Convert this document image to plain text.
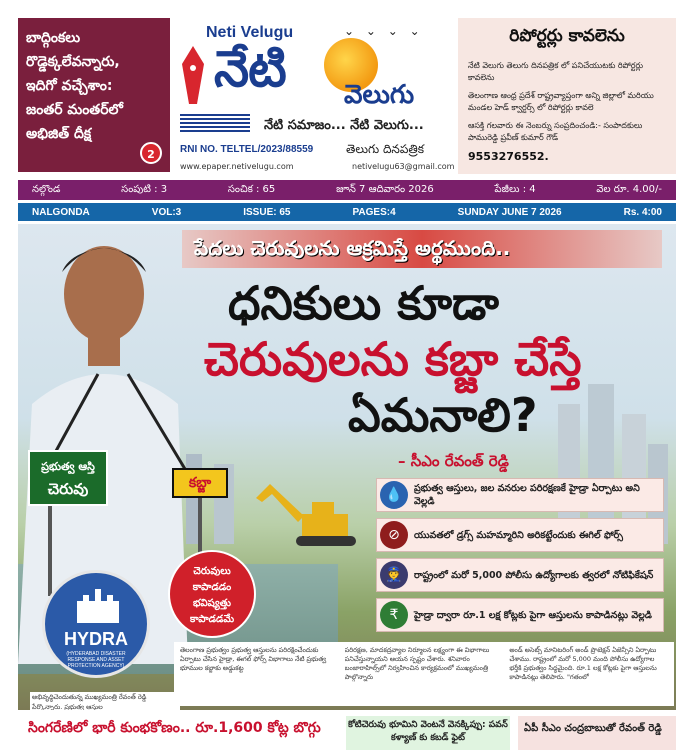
బాద్గింకలు
రొడ్డెక్కలేవన్నారు,
ఇదిగో వచ్చేశాం:
జంతర్ మంతర్‌లో
అభిజిత్ దీక్ష
2
⌄ ⌄ ⌄ ⌄
Neti Velugu
నేటి వెలుగు
నేటి సమాజం... నేటి వెలుగు...
RNI NO. TELTEL/2023/88559	తెలుగు దినపత్రిక
www.epaper.netivelugu.com	netivelugu63@gmail.com
రిపోర్టర్లు కావలెను
నేటి వెలుగు తెలుగు దినపత్రిక లో పనిచేయుటకు రిపోర్టర్లు కావలెను
తెలంగాణ ఆంధ్ర ప్రదేశ్ రాష్ట్రవ్యాప్తంగా అన్ని జిల్లాలో మరియు మండల హెడ్ క్వార్టర్స్ లో రిపోర్టర్లు కావలె
ఆసక్తి గలవారు ఈ నెంబర్ను సంప్రదించండి:- సంపాదకులు పామురెడ్డి ప్రవీణ్ కుమార్ గౌడ్
9553276552.
నల్గొండ	సంపుటి : 3	సంచిక : 65	జూన్ 7 ఆదివారం 2026	పేజీలు : 4	వెల రూ. 4.00/-
NALGONDA	VOL:3	ISSUE: 65	PAGES:4	SUNDAY JUNE 7 2026	Rs. 4:00
పేదలు చెరువులను ఆక్రమిస్తే అర్థముంది..
ధనికులు కూడా
చెరువులను కబ్జా చేస్తే
ఏమనాలి?
– సీఎం రేవంత్ రెడ్డి
ప్రభుత్వ ఆస్తి
చెరువు	కబ్జా
చెరువులు
కాపాడడం
భవిష్యత్తు
కాపాడడమే
HYDRA
(HYDERABAD DISASTER RESPONSE AND ASSET PROTECTION AGENCY)
💧	ప్రభుత్వ ఆస్తులు, జల వనరుల పరిరక్షణకే హైడ్రా ఏర్పాటు అని వెల్లడి
⊘	యువతలో డ్రగ్స్ మహమ్మారిని అరికట్టేందుకు ఈగిల్ ఫోర్స్
👮	రాష్ట్రంలో మరో 5,000 పోలీసు ఉద్యోగాలకు త్వరలో నోటిఫికేషన్
₹	హైడ్రా ద్వారా రూ.1 లక్ష కోట్లకు పైగా ఆస్తులను కాపాడినట్లు వెల్లడి
తెలంగాణ ప్రభుత్వం ప్రభుత్వ ఆస్తులను పరిరక్షించేందుకు ఏర్పాటు చేసిన హైడ్రా, ఈగల్ ఫోర్స్ విభాగాలు నేటి ప్రభుత్వ భూముల కబ్జాకు అడ్డుకట్ట
పరిరక్షణ, మాదకద్రవ్యాల నిర్మూలన లక్ష్యంగా ఈ విభాగాలు పనిచేస్తున్నాయని ఆయన స్పష్టం చేశారు. శనివారం బంజారాహిల్స్‌లో నిర్వహించిన కార్యక్రమంలో ముఖ్యమంత్రి పాల్గొన్నారు
అండ్ అసెట్స్ మానిటరింగ్ అండ్ ప్రొటెక్షన్ ఏజెన్సీని ఏర్పాటు చేశాము. రాష్ట్రంలో మరో 5,000 మంది పోలీసు ఉద్యోగాల భర్తీకి ప్రభుత్వం సిద్ధమైంది. రూ.1 లక్ష కోట్లకు పైగా ఆస్తులను కాపాడినట్లు తెలిపారు. "గతంలో
అభివృద్ధిచెందుతున్న ముఖ్యమంత్రి రేవంత్ రెడ్డి పేర్కొన్నారు. ప్రభుత్వ ఆస్తుల
సింగరేణిలో భారీ కుంభకోణం.. రూ.1,600 కోట్ల బొగ్గు	కోటిచెరువు భూమిని వెంటనే వెనక్కిప్పు: పవన్ కళ్యాణ్ కు కబడ్ ఫైట్
ఏపీ సీఎం చంద్రబాబుతో రేవంత్ రెడ్డి
